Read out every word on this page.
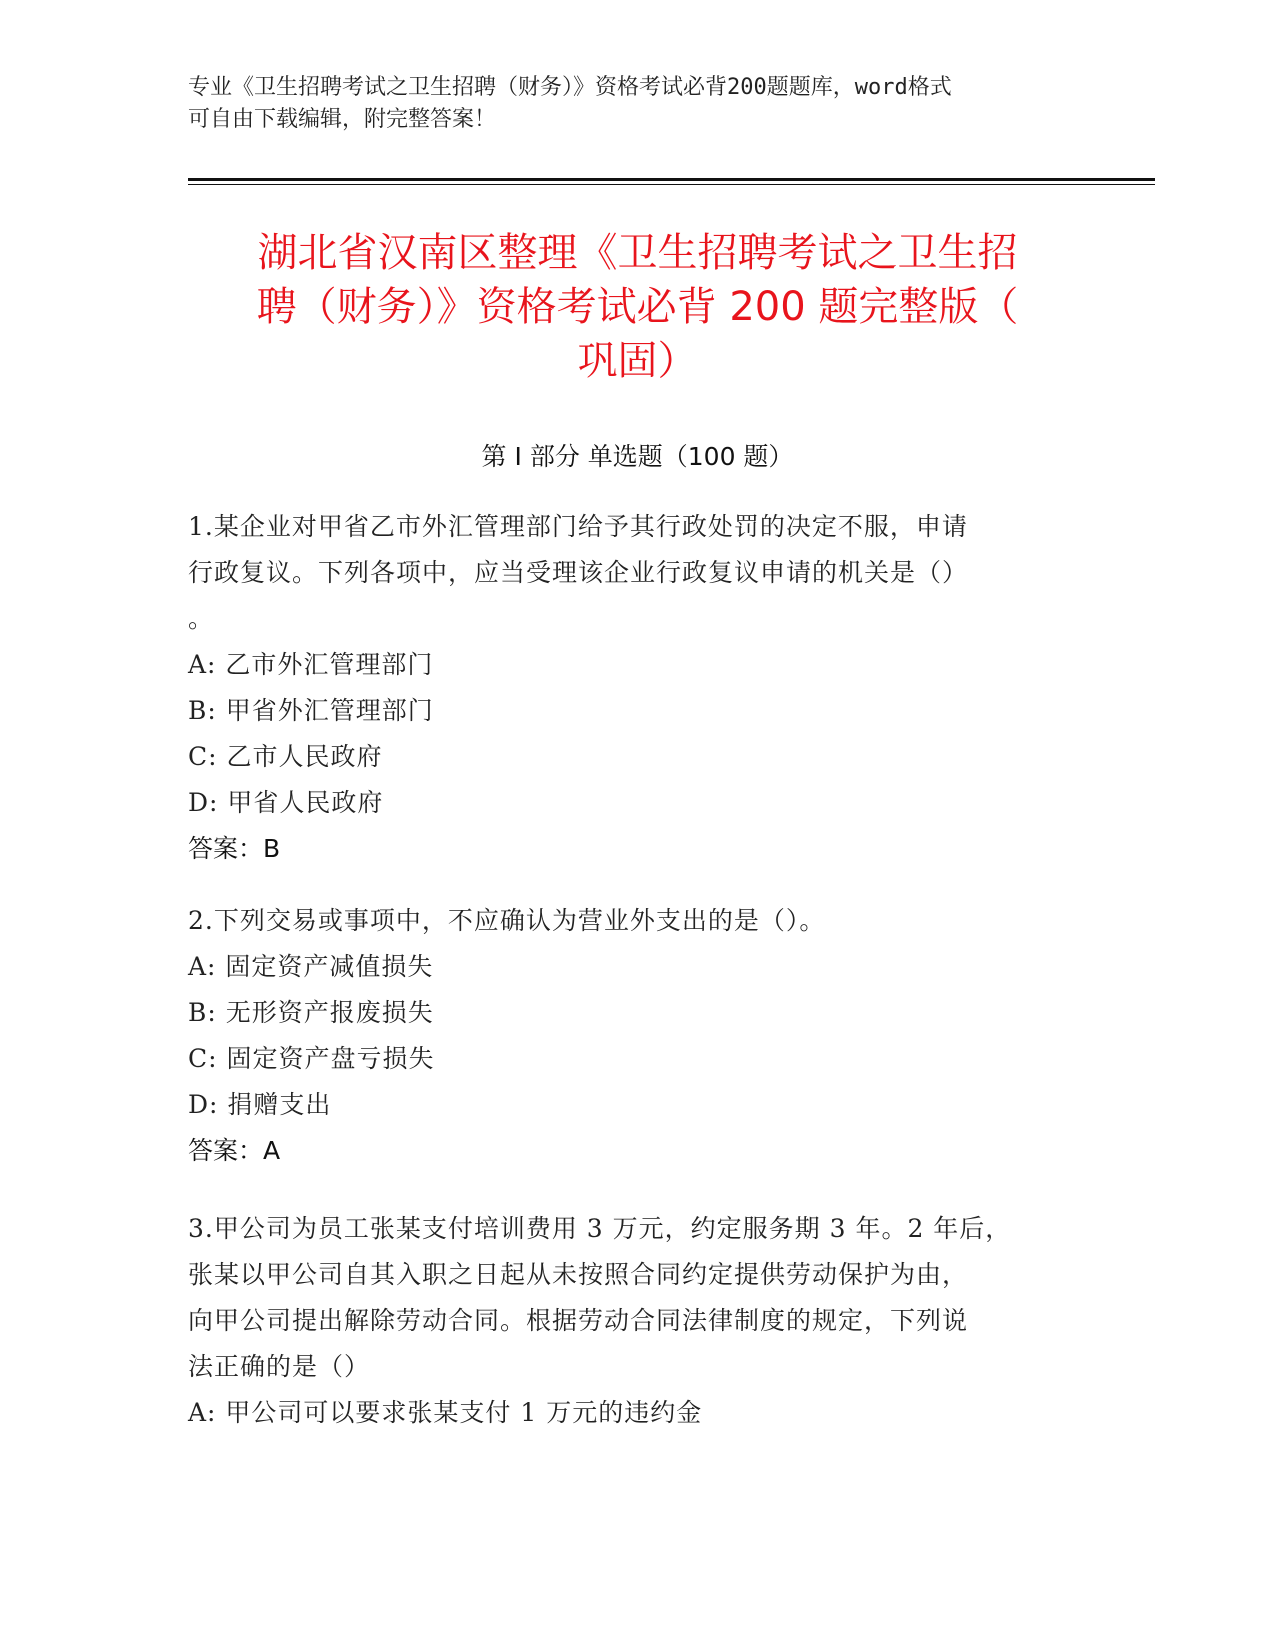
专业《卫生招聘考试之卫生招聘（财务）》资格考试必背200题题库，word格式
可自由下载编辑，附完整答案！
湖北省汉南区整理《卫生招聘考试之卫生招
聘（财务）》资格考试必背 200 题完整版（
巩固）
第 I 部分 单选题（100 题）
1.某企业对甲省乙市外汇管理部门给予其行政处罚的决定不服，申请
行政复议。下列各项中，应当受理该企业行政复议申请的机关是（）
。
A: 乙市外汇管理部门
B: 甲省外汇管理部门
C: 乙市人民政府
D: 甲省人民政府
答案：B
2.下列交易或事项中，不应确认为营业外支出的是（）。
A: 固定资产减值损失
B: 无形资产报废损失
C: 固定资产盘亏损失
D: 捐赠支出
答案：A
3.甲公司为员工张某支付培训费用 3 万元，约定服务期 3 年。2 年后，
张某以甲公司自其入职之日起从未按照合同约定提供劳动保护为由，
向甲公司提出解除劳动合同。根据劳动合同法律制度的规定，下列说
法正确的是（）
A: 甲公司可以要求张某支付 1 万元的违约金
